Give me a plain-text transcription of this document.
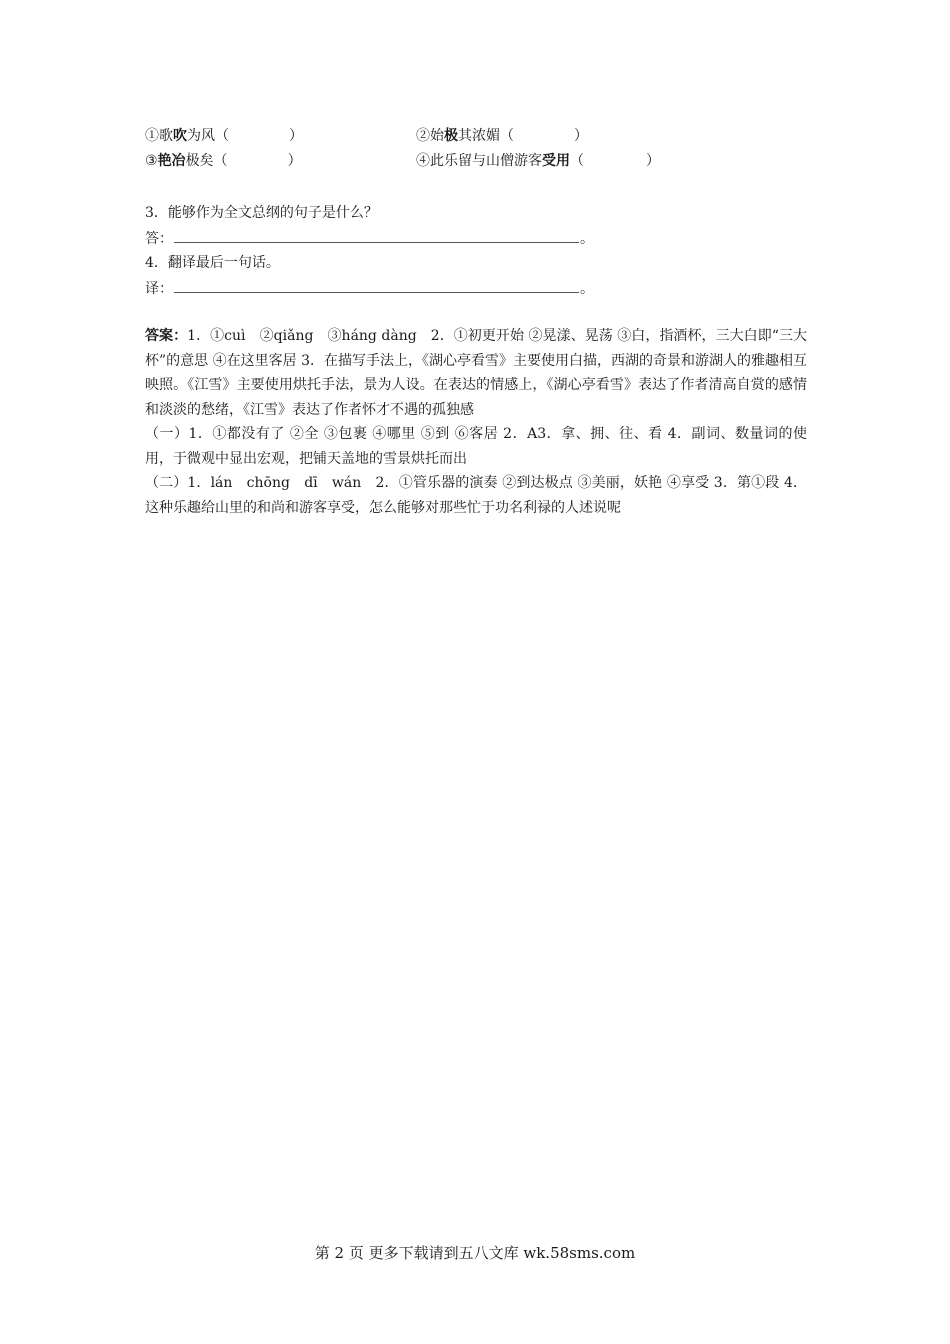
①歌吹为风（	）	②始极其浓媚（	）
③艳冶极矣（	）	④此乐留与山僧游客受用（	）
3．能够作为全文总纲的句子是什么？
答：	。
4．翻译最后一句话。
译：	。

答案：1．①cuì　②qiǎng　③háng dàng　2．①初更开始 ②晃漾、晃荡 ③白，指酒杯，三大白即“三大杯”的意思 ④在这里客居 3．在描写手法上，《湖心亭看雪》主要使用白描，西湖的奇景和游湖人的雅趣相互映照。《江雪》主要使用烘托手法，景为人设。在表达的情感上，《湖心亭看雪》表达了作者清高自赏的感情和淡淡的愁绪，《江雪》表达了作者怀才不遇的孤独感

（一）1．①都没有了 ②全 ③包裹 ④哪里 ⑤到 ⑥客居 2．A3．拿、拥、往、看 4．副词、数量词的使用，于微观中显出宏观，把铺天盖地的雪景烘托而出

（二）1．lán　chōng　dī　wán　2．①管乐器的演奏 ②到达极点 ③美丽，妖艳 ④享受 3．第①段 4．这种乐趣给山里的和尚和游客享受，怎么能够对那些忙于功名利禄的人述说呢

第 2 页 更多下载请到五八文库 wk.58sms.com
